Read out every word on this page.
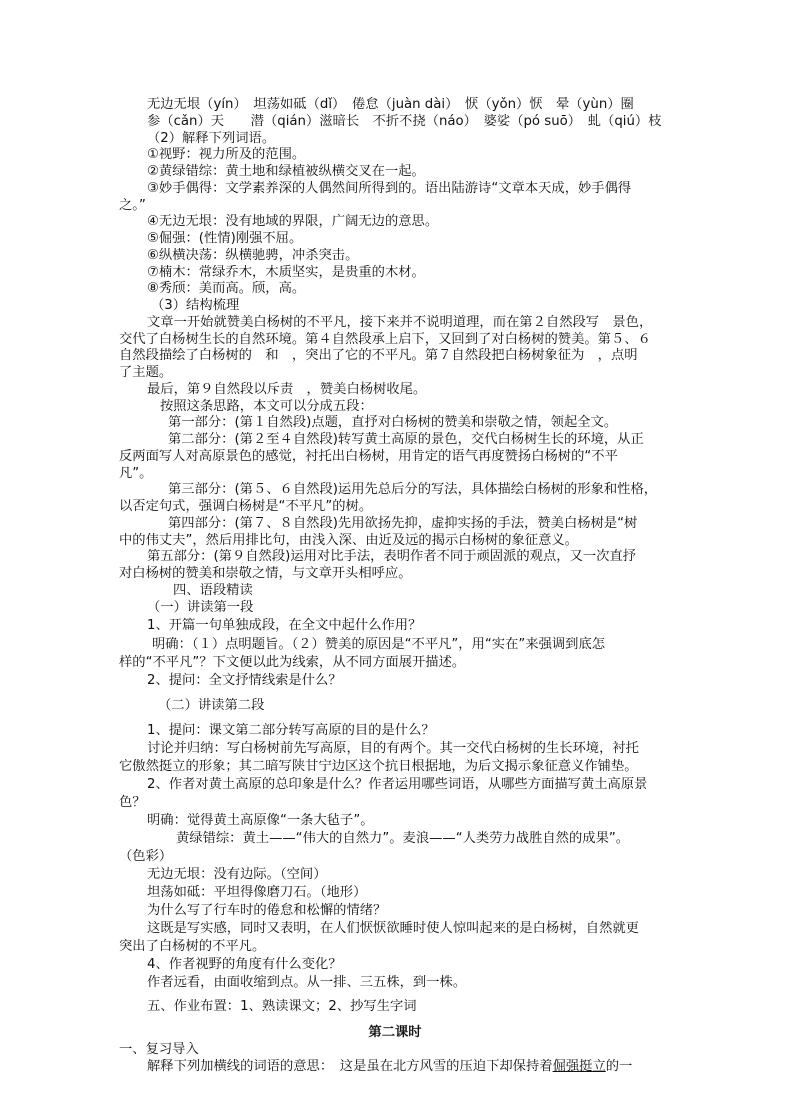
无边无垠（yín）　坦荡如砥（dǐ）　倦怠（juàn dài）　恹（yǒn）恹　晕（yùn）圈
参（cǎn）天　　潜（qián）滋暗长　不折不挠（náo）　婆娑（pó suō）　虬（qiú）枝
（2）解释下列词语。
①视野：视力所及的范围。
②黄绿错综：黄土地和绿植被纵横交叉在一起。
③妙手偶得：文学素养深的人偶然间所得到的。语出陆游诗“文章本天成，妙手偶得
之。”
④无边无垠：没有地域的界限，广阔无边的意思。
⑤倔强：(性情)刚强不屈。
⑥纵横决荡：纵横驰骋，冲杀突击。
⑦楠木：常绿乔木，木质坚实，是贵重的木材。
⑧秀颀：美而高。颀，高。
（3）结构梳理
文章一开始就赞美白杨树的不平凡，接下来并不说明道理，而在第２自然段写　景色，
交代了白杨树生长的自然环境。第４自然段承上启下，又回到了对白杨树的赞美。第５、６
自然段描绘了白杨树的　和　，突出了它的不平凡。第７自然段把白杨树象征为　，点明
了主题。
最后，第９自然段以斥责　，赞美白杨树收尾。
按照这条思路，本文可以分成五段：
第一部分：(第１自然段)点题，直抒对白杨树的赞美和崇敬之情，领起全文。
第二部分：(第２至４自然段)转写黄土高原的景色，交代白杨树生长的环境，从正
反两面写人对高原景色的感觉，衬托出白杨树，用肯定的语气再度赞扬白杨树的“不平
凡”。
第三部分：(第５、６自然段)运用先总后分的写法，具体描绘白杨树的形象和性格，
以否定句式，强调白杨树是“不平凡”的树。
第四部分：(第７、８自然段)先用欲扬先抑，虚抑实扬的手法，赞美白杨树是“树
中的伟丈夫”，然后用排比句，由浅入深、由近及远的揭示白杨树的象征意义。
第五部分：(第９自然段)运用对比手法，表明作者不同于顽固派的观点，又一次直抒
对白杨树的赞美和崇敬之情，与文章开头相呼应。
四、语段精读
（一）讲读第一段
1、开篇一句单独成段，在全文中起什么作用？
明确：（１）点明题旨。（２）赞美的原因是“不平凡”，用“实在”来强调到底怎
样的“不平凡”？下文便以此为线索，从不同方面展开描述。
2、提问：全文抒情线索是什么？
（二）讲读第二段
1、提问：课文第二部分转写高原的目的是什么？
讨论并归纳：写白杨树前先写高原，目的有两个。其一交代白杨树的生长环境，衬托
它傲然挺立的形象；其二暗写陕甘宁边区这个抗日根据地，为后文揭示象征意义作铺垫。
2、作者对黄土高原的总印象是什么？作者运用哪些词语，从哪些方面描写黄土高原景
色？
明确：觉得黄土高原像“一条大毡子”。
黄绿错综：黄土——“伟大的自然力”。麦浪——“人类劳力战胜自然的成果”。
（色彩）
无边无垠：没有边际。（空间）
坦荡如砥：平坦得像磨刀石。（地形）
为什么写了行车时的倦怠和松懈的情绪？
这既是写实感，同时又表明，在人们恹恹欲睡时使人惊叫起来的是白杨树，自然就更
突出了白杨树的不平凡。
4、作者视野的角度有什么变化？
作者远看，由面收缩到点。从一排、三五株，到一株。
五、作业布置：1、熟读课文；2、抄写生字词
第二课时
一、复习导入
解释下列加横线的词语的意思：　这是虽在北方风雪的压迫下却保持着倔强挺立的一
